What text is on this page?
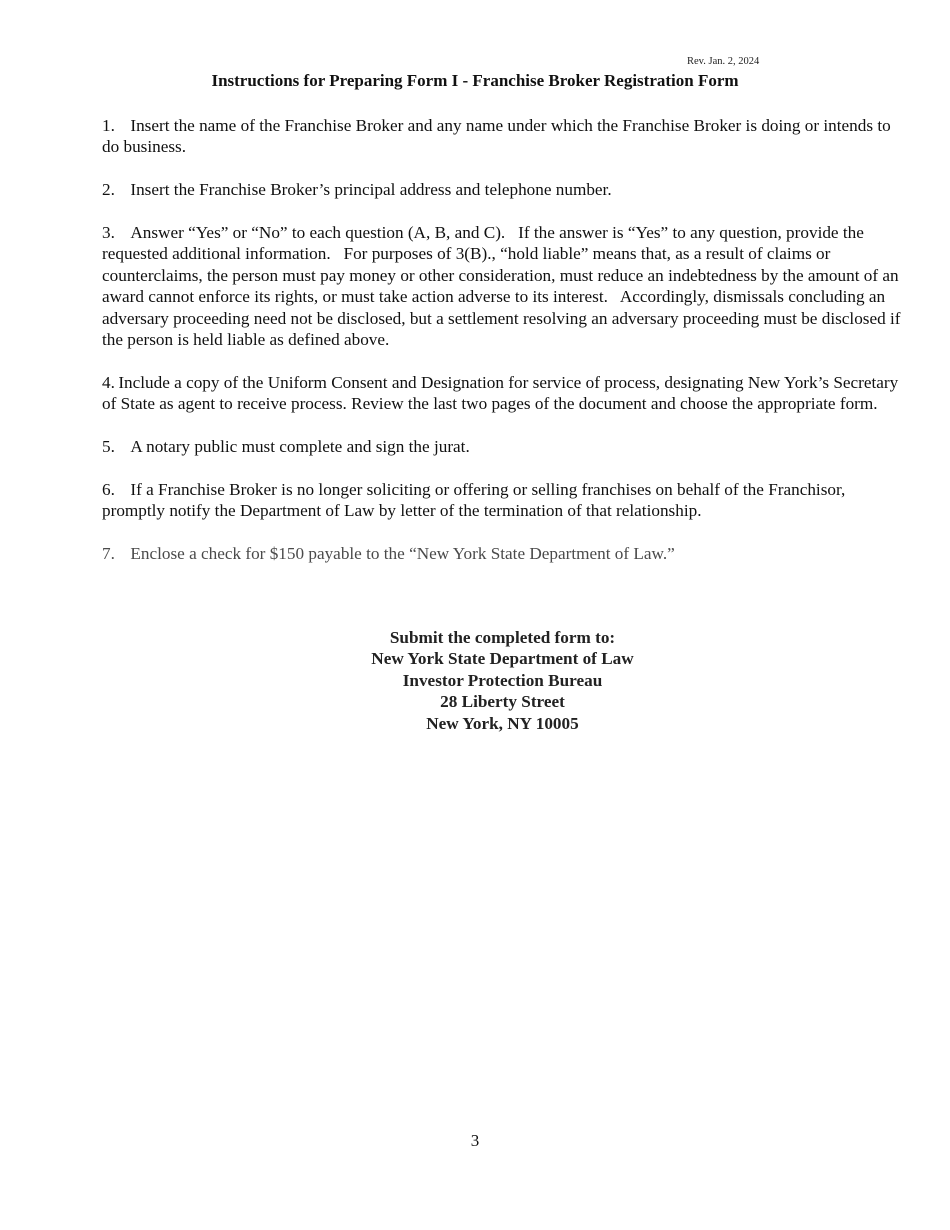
Rev. Jan. 2, 2024
Instructions for Preparing Form I - Franchise Broker Registration Form
1.  Insert the name of the Franchise Broker and any name under which the Franchise Broker is doing or intends to do business.
2. Insert the Franchise Broker’s principal address and telephone number.
3. Answer “Yes” or “No” to each question (A, B, and C).   If the answer is “Yes” to any question, provide the requested additional information.   For purposes of 3(B)., “hold liable” means that, as a result of claims or counterclaims, the person must pay money or other consideration, must reduce an indebtedness by the amount of an award cannot enforce its rights, or must take action adverse to its interest.   Accordingly, dismissals concluding an adversary proceeding need not be disclosed, but a settlement resolving an adversary proceeding must be disclosed if the person is held liable as defined above.
4. Include a copy of the Uniform Consent and Designation for service of process, designating New York’s Secretary of State as agent to receive process. Review the last two pages of the document and choose the appropriate form.
5. A notary public must complete and sign the jurat.
6. If a Franchise Broker is no longer soliciting or offering or selling franchises on behalf of the Franchisor, promptly notify the Department of Law by letter of the termination of that relationship.
7. Enclose a check for $150 payable to the “New York State Department of Law.”
Submit the completed form to:
New York State Department of Law
Investor Protection Bureau
28 Liberty Street
New York, NY 10005
3
